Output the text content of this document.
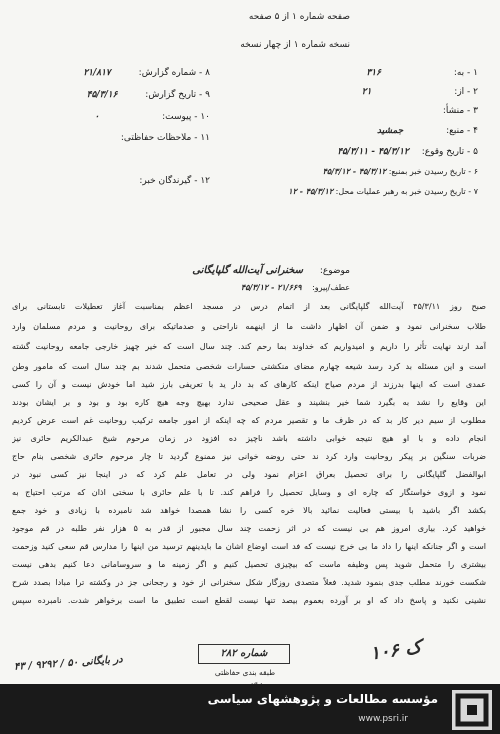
صفحه شماره ۱ از ۵ صفحه
نسخه شماره ۱ از چهار نسخه
۱ - به: ۳۱۶
۲ - از: ۲۱
۳ - منشأ:
۴ - منبع: جمشید
۵ - تاریخ وقوع: ۴۵/۳/۱۲ - ۴۵/۳/۱۱
۶ - تاریخ رسیدن خبر بمنبع: ۴۵/۳/۱۲ - ۴۵/۳/۱۲
۷ - تاریخ رسیدن خبر به رهبر عملیات محل: ۴۵/۳/۱۲ - ۱۲
۸ - شماره گزارش: ۲۱/۸۱۷
۹ - تاریخ گزارش: ۴۵/۳/۱۶
۱۰ - پیوست: ۰
۱۱ - ملاحظات حفاظتی:
۱۲ - گیرندگان خبر:
موضوع: سخنرانی آیت‌الله گلپایگانی
عطف/پیرو: ۲۱/۶۶۹ - ۴۵/۳/۱۲
صبح روز ۴۵/۳/۱۱ آیت‌الله گلپایگانی بعد از اتمام درس در مسجد اعظم بمناسبت آغاز تعطیلات تابستانی برای
طلاب سخنرانی نمود و ضمن آن اظهار داشت ما از اینهمه ناراحتی و صدماتیکه برای روحانیت و مردم مسلمان وارد
آمد ارند نهایت تأثر را داریم و امیدواریم که خداوند بما رحم کند. چند سال است که خیر چهیز خارجی جامعه روحانیت گشته
است و این مسئله بد کرد رسد شیعه چهارم مضای منکشتی حسارات شخصی متحمل شدند بم چند سال است که مامور وطن
عمدی است که اینها بدرزند از مردم صیاح اینکه کارهای که بد دار ید با تعریفی بارز شید اما خودش نیست و آن را کسی
این وقایع را نشد به بگیرد شما خیر بنشیند و عقل صحیحی ندارد بهیچ وجه هیچ کاره بود و بود و بر ایشان بودند
مطلوب از سیم دیر کار بد که در ظرف ما و تقصیر مردم که چه اینکه از امور جامعه ترکیب روحانیت غم است عرض کردیم
انجام داده و با او هیچ نتیجه خوابی داشته باشد ناچیز ده افزود در زمان مرحوم شیخ عبدالکریم حائری نیز
ضربات سنگین بر پیکر روحانیت وارد کرد ند حتی روضه خوانی نیز ممنوع گردید تا چار مرحوم حائری شخصی بنام حاج
ابوالفضل گلپایگانی را برای تحصیل بعراق اعزام نمود ولی در تعامل علم کرد که در اینجا نیز کسی نبود در
نمود و ازوی خواستگار که چاره ای و وسایل تحصیل را فراهم کند. تا با علم حائری با سختی اذان که مرتب احتیاج به
بکشد اگر باشید با بیستی فعالیت نمائید بالا خره کسی را نشا همصدا خواهد شد نامبرده با زیادی و خود جمع
خواهید کرد. بیاری امروز هم بی نیست که در اثر زحمت چند سال مجبور از قدر به ۵ هزار نفر طلبه در قم موجود
است و اگر جنانکه اینها را داد ما بی خرج نیست که فد است اوضاع اشان ما بایدینهم ترسید من اینها را مدارس قم سعی کنید وزحمت
بیشتری را متحمل شوید پس وظیفه ماست که بیچیزی تحصیل کنیم و اگر زمینه ما و سروسامانی دعا کنیم بدهی نیست
شکست خورند مطلب جدی بنمود شدید. فعلاً متصدی روزگار شکل سخنرانی از خود و رجحانی جز در وکشته ترا مبادا بصدد شرح
نشینی نکنید و پاسخ داد که او بر آورده بعموم بیصد تنها نیست لقطع است تطبیق ما است برخواهر شدت. نامبرده سپس
در بایگانی ۵۰ / ۹۲۹۲ / ۴۳
شماره ۲۸۲
طبقه بندی حفاظتی
ک ۱۰۶
مؤسسه مطالعات و پژوهشهای سیاسی
www.psri.ir
